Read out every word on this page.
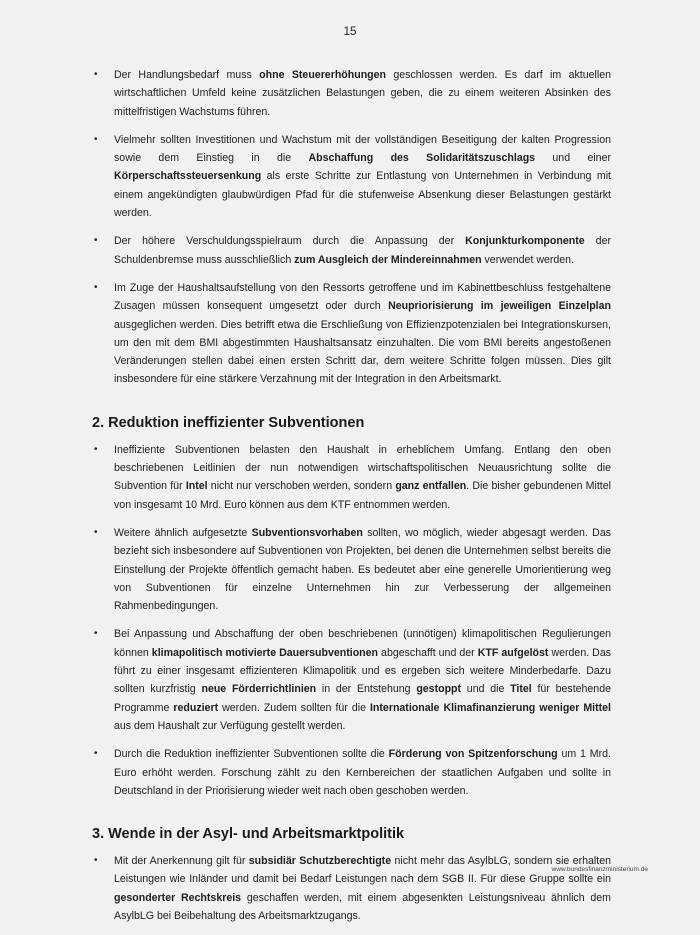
15
• Der Handlungsbedarf muss ohne Steuererhöhungen geschlossen werden. Es darf im aktuellen wirtschaftlichen Umfeld keine zusätzlichen Belastungen geben, die zu einem weiteren Absinken des mittelfristigen Wachstums führen.
• Vielmehr sollten Investitionen und Wachstum mit der vollständigen Beseitigung der kalten Progression sowie dem Einstieg in die Abschaffung des Solidaritätszuschlags und einer Körperschaftssteuersenkung als erste Schritte zur Entlastung von Unternehmen in Verbindung mit einem angekündigten glaubwürdigen Pfad für die stufenweise Absenkung dieser Belastungen gestärkt werden.
• Der höhere Verschuldungsspielraum durch die Anpassung der Konjunkturkomponente der Schuldenbremse muss ausschließlich zum Ausgleich der Mindereinnahmen verwendet werden.
• Im Zuge der Haushaltsaufstellung von den Ressorts getroffene und im Kabinettbeschluss festgehaltene Zusagen müssen konsequent umgesetzt oder durch Neupriorisierung im jeweiligen Einzelplan ausgeglichen werden. Dies betrifft etwa die Erschließung von Effizienzpotenzialen bei Integrationskursen, um den mit dem BMI abgestimmten Haushaltsansatz einzuhalten. Die vom BMI bereits angestoßenen Veränderungen stellen dabei einen ersten Schritt dar, dem weitere Schritte folgen müssen. Dies gilt insbesondere für eine stärkere Verzahnung mit der Integration in den Arbeitsmarkt.
2. Reduktion ineffizienter Subventionen
• Ineffiziente Subventionen belasten den Haushalt in erheblichem Umfang. Entlang den oben beschriebenen Leitlinien der nun notwendigen wirtschaftspolitischen Neuausrichtung sollte die Subvention für Intel nicht nur verschoben werden, sondern ganz entfallen. Die bisher gebundenen Mittel von insgesamt 10 Mrd. Euro können aus dem KTF entnommen werden.
• Weitere ähnlich aufgesetzte Subventionsvorhaben sollten, wo möglich, wieder abgesagt werden. Das bezieht sich insbesondere auf Subventionen von Projekten, bei denen die Unternehmen selbst bereits die Einstellung der Projekte öffentlich gemacht haben. Es bedeutet aber eine generelle Umorientierung weg von Subventionen für einzelne Unternehmen hin zur Verbesserung der allgemeinen Rahmenbedingungen.
• Bei Anpassung und Abschaffung der oben beschriebenen (unnötigen) klimapolitischen Regulierungen können klimapolitisch motivierte Dauersubventionen abgeschafft und der KTF aufgelöst werden. Das führt zu einer insgesamt effizienteren Klimapolitik und es ergeben sich weitere Minderbedarfe. Dazu sollten kurzfristig neue Förderrichtlinien in der Entstehung gestoppt und die Titel für bestehende Programme reduziert werden. Zudem sollten für die Internationale Klimafinanzierung weniger Mittel aus dem Haushalt zur Verfügung gestellt werden.
• Durch die Reduktion ineffizienter Subventionen sollte die Förderung von Spitzenforschung um 1 Mrd. Euro erhöht werden. Forschung zählt zu den Kernbereichen der staatlichen Aufgaben und sollte in Deutschland in der Priorisierung wieder weit nach oben geschoben werden.
3. Wende in der Asyl- und Arbeitsmarktpolitik
• Mit der Anerkennung gilt für subsidiär Schutzberechtigte nicht mehr das AsylbLG, sondern sie erhalten Leistungen wie Inländer und damit bei Bedarf Leistungen nach dem SGB II. Für diese Gruppe sollte ein gesonderter Rechtskreis geschaffen werden, mit einem abgesenkten Leistungsniveau ähnlich dem AsylbLG bei Beibehaltung des Arbeitsmarktzugangs.
www.bundesfinanzministerium.de
